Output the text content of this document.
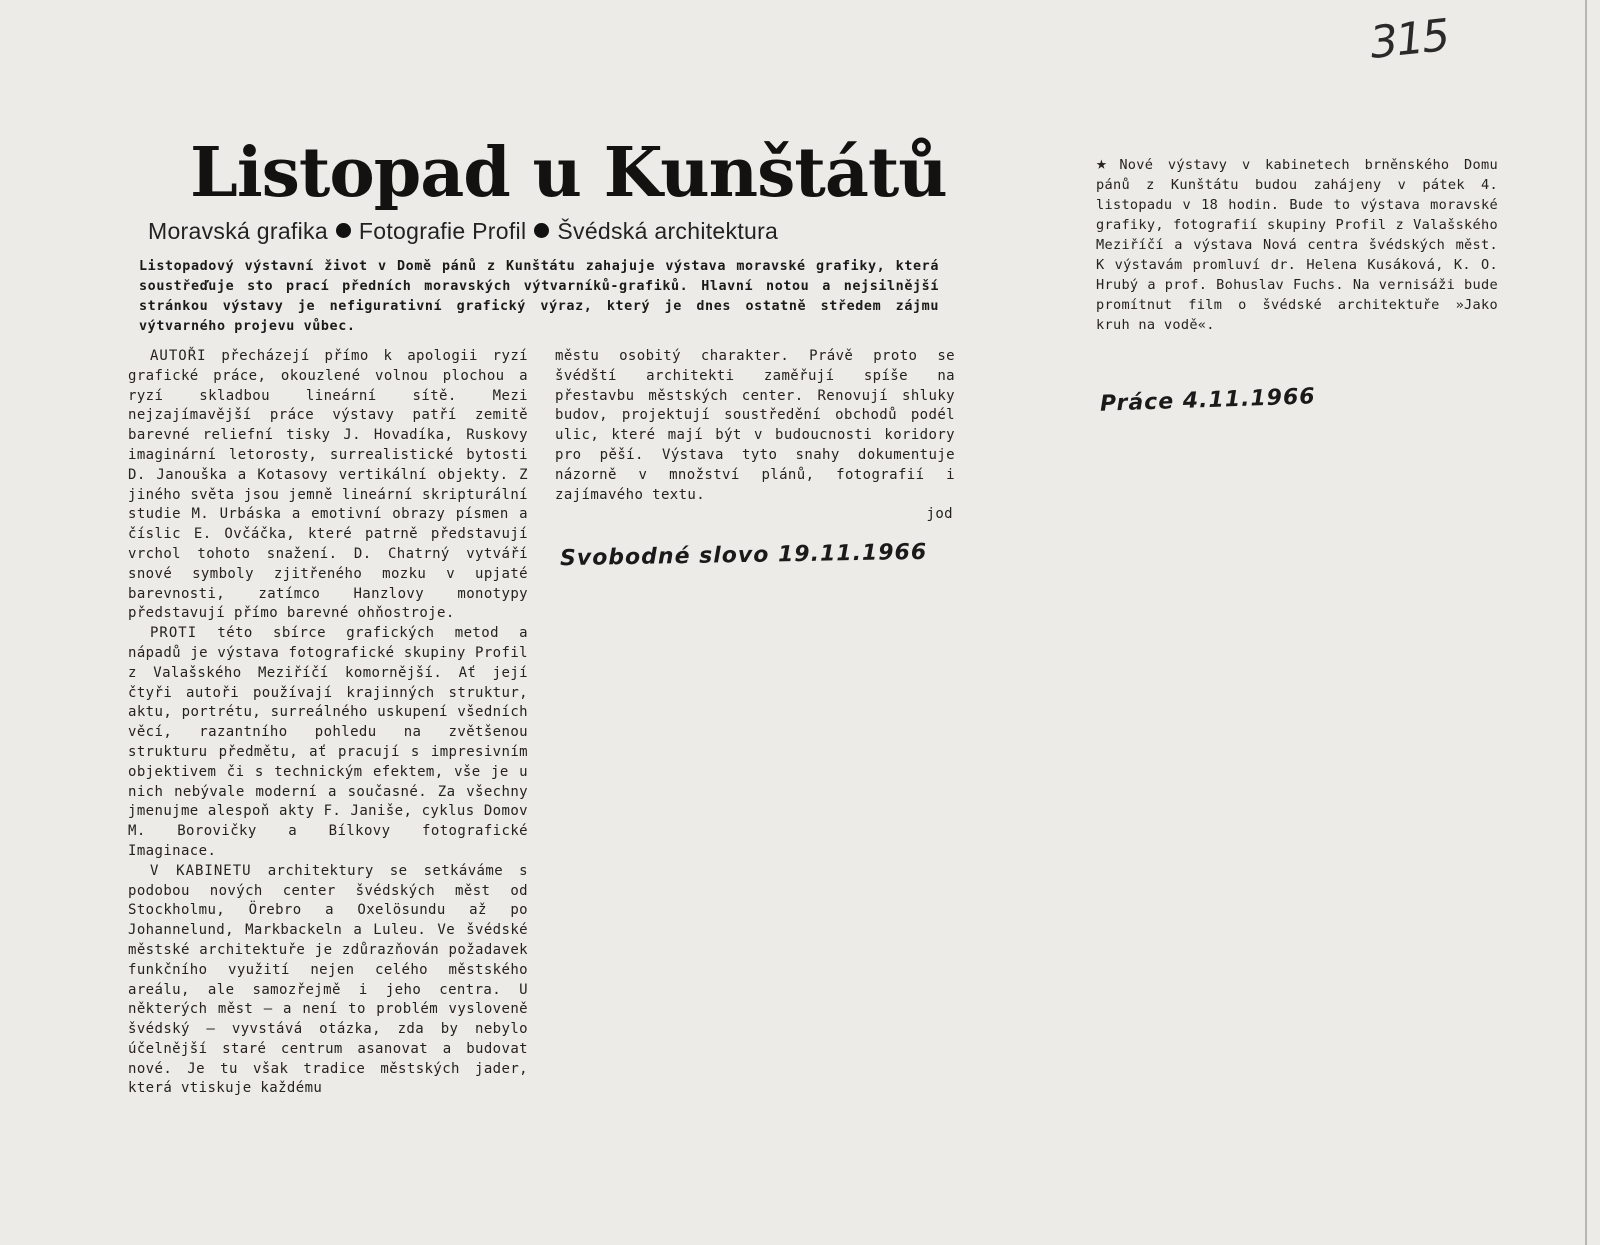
315
Listopad u Kunštátů
Moravská grafika Fotografie Profil Švédská architektura
Listopadový výstavní život v Domě pánů z Kunštátu zahajuje výstava moravské grafiky, která soustřeďuje sto prací předních moravských výtvarníků-grafiků. Hlavní notou a nejsilnější stránkou výstavy je nefigurativní grafický výraz, který je dnes ostatně středem zájmu výtvarného projevu vůbec.

AUTOŘI přecházejí přímo k apologii ryzí grafické práce, okouzlené volnou plochou a ryzí skladbou lineární sítě. Mezi nejzajímavější práce výstavy patří zemitě barevné reliefní tisky J. Hovadíka, Ruskovy imaginární letorosty, surrealistické bytosti D. Janouška a Kotasovy vertikální objekty. Z jiného světa jsou jemně lineární skripturální studie M. Urbáska a emotivní obrazy písmen a číslic E. Ovčáčka, které patrně představují vrchol tohoto snažení. D. Chatrný vytváří snové symboly zjitřeného mozku v upjaté barevnosti, zatímco Hanzlovy monotypy představují přímo barevné ohňostroje.

PROTI této sbírce grafických metod a nápadů je výstava fotografické skupiny Profil z Valašského Meziříčí komornější. Ať její čtyři autoři používají krajinných struktur, aktu, portrétu, surreálného uskupení všedních věcí, razantního pohledu na zvětšenou strukturu předmětu, ať pracují s impresivním objektivem či s technickým efektem, vše je u nich nebývale moderní a současné. Za všechny jmenujme alespoň akty F. Janiše, cyklus Domov M. Borovičky a Bílkovy fotografické Imaginace.

V KABINETU architektury se setkáváme s podobou nových center švédských měst od Stockholmu, Örebro a Oxelösundu až po Johannelund, Markbackeln a Luleu. Ve švédské městské architektuře je zdůrazňován požadavek funkčního využití nejen celého městského areálu, ale samozřejmě i jeho centra. U některých měst — a není to problém vysloveně švédský — vyvstává otázka, zda by nebylo účelnější staré centrum asanovat a budovat nové. Je tu však tradice městských jader, která vtiskuje každému

městu osobitý charakter. Právě proto se švédští architekti zaměřují spíše na přestavbu městských center. Renovují shluky budov, projektují soustředění obchodů podél ulic, které mají být v budoucnosti koridory pro pěší. Výstava tyto snahy dokumentuje názorně v množství plánů, fotografií i zajímavého textu.

jod
Svobodné slovo 19.11.1966
★ Nové výstavy v kabinetech brněnského Domu pánů z Kunštátu budou zahájeny v pátek 4. listopadu v 18 hodin. Bude to výstava moravské grafiky, fotografií skupiny Profil z Valašského Meziříčí a výstava Nová centra švédských měst. K výstavám promluví dr. Helena Kusáková, K. O. Hrubý a prof. Bohuslav Fuchs. Na vernisáži bude promítnut film o švédské architektuře »Jako kruh na vodě«.
Práce 4.11.1966
